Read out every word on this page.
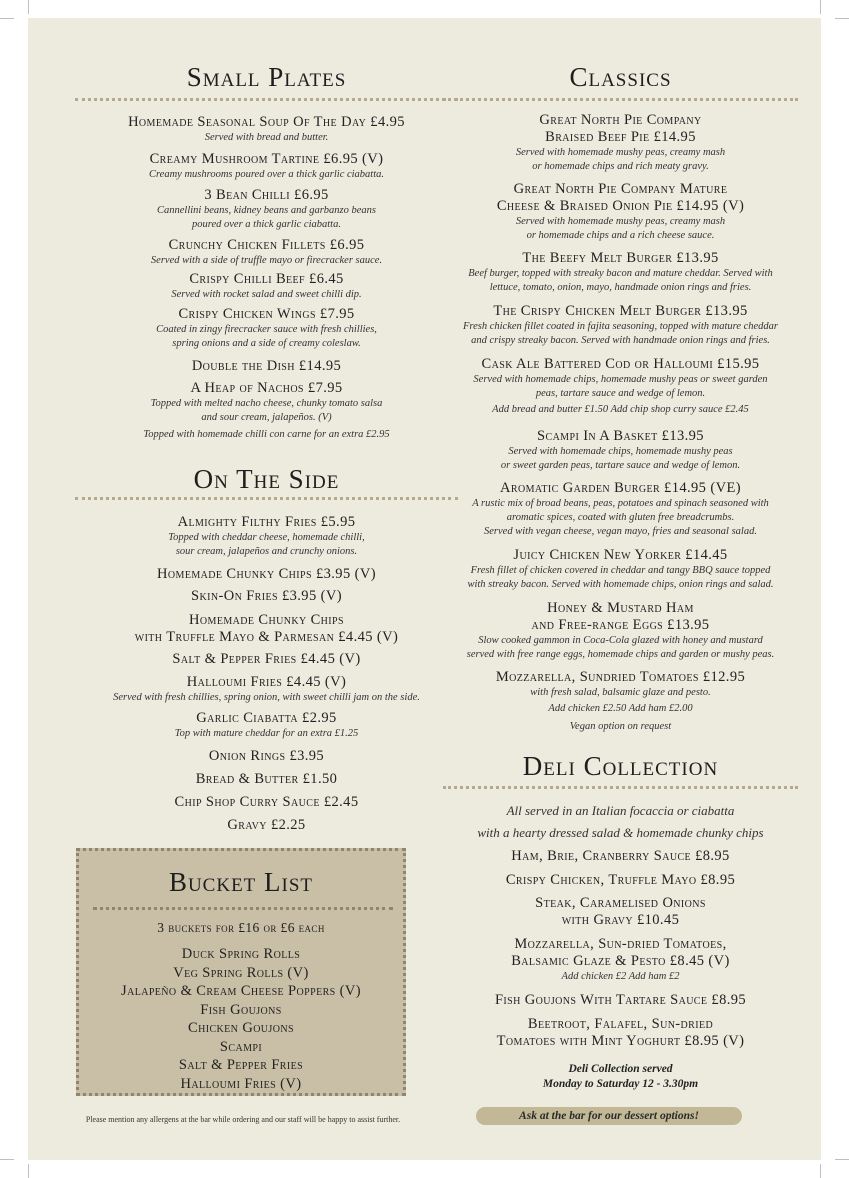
Small Plates
Homemade Seasonal Soup Of The Day £4.95
Served with bread and butter.
Creamy Mushroom Tartine £6.95 (V)
Creamy mushrooms poured over a thick garlic ciabatta.
3 Bean Chilli £6.95
Cannellini beans, kidney beans and garbanzo beans
poured over a thick garlic ciabatta.
Crunchy Chicken Fillets £6.95
Served with a side of truffle mayo or firecracker sauce.
Crispy Chilli Beef £6.45
Served with rocket salad and sweet chilli dip.
Crispy Chicken Wings £7.95
Coated in zingy firecracker sauce with fresh chillies,
spring onions and a side of creamy coleslaw.
Double the Dish £14.95
A Heap of Nachos £7.95
Topped with melted nacho cheese, chunky tomato salsa
and sour cream, jalapeños. (V)
Topped with homemade chilli con carne for an extra £2.95
On The Side
Almighty Filthy Fries £5.95
Topped with cheddar cheese, homemade chilli,
sour cream, jalapeños and crunchy onions.
Homemade Chunky Chips £3.95 (V)
Skin-On Fries £3.95 (V)
Homemade Chunky Chips
with Truffle Mayo & Parmesan £4.45 (V)
Salt & Pepper Fries £4.45 (V)
Halloumi Fries £4.45 (V)
Served with fresh chillies, spring onion, with sweet chilli jam on the side.
Garlic Ciabatta £2.95
Top with mature cheddar for an extra £1.25
Onion Rings £3.95
Bread & Butter £1.50
Chip Shop Curry Sauce £2.45
Gravy £2.25
Bucket List
3 buckets for £16 or £6 each
Duck Spring Rolls
Veg Spring Rolls (V)
Jalapeño & Cream Cheese Poppers (V)
Fish Goujons
Chicken Goujons
Scampi
Salt & Pepper Fries
Halloumi Fries (V)
Please mention any allergens at the bar while ordering and our staff will be happy to assist further.
Classics
Great North Pie Company
Braised Beef Pie £14.95
Served with homemade mushy peas, creamy mash
or homemade chips and rich meaty gravy.
Great North Pie Company Mature
Cheese & Braised Onion Pie £14.95 (V)
Served with homemade mushy peas, creamy mash
or homemade chips and a rich cheese sauce.
The Beefy Melt Burger £13.95
Beef burger, topped with streaky bacon and mature cheddar. Served with
lettuce, tomato, onion, mayo, handmade onion rings and fries.
The Crispy Chicken Melt Burger £13.95
Fresh chicken fillet coated in fajita seasoning, topped with mature cheddar
and crispy streaky bacon. Served with handmade onion rings and fries.
Cask Ale Battered Cod or Halloumi £15.95
Served with homemade chips, homemade mushy peas or sweet garden
peas, tartare sauce and wedge of lemon.
Add bread and butter £1.50 Add chip shop curry sauce £2.45
Scampi In A Basket £13.95
Served with homemade chips, homemade mushy peas
or sweet garden peas, tartare sauce and wedge of lemon.
Aromatic Garden Burger £14.95 (VE)
A rustic mix of broad beans, peas, potatoes and spinach seasoned with
aromatic spices, coated with gluten free breadcrumbs.
Served with vegan cheese, vegan mayo, fries and seasonal salad.
Juicy Chicken New Yorker £14.45
Fresh fillet of chicken covered in cheddar and tangy BBQ sauce topped
with streaky bacon. Served with homemade chips, onion rings and salad.
Honey & Mustard Ham
and Free-range Eggs £13.95
Slow cooked gammon in Coca-Cola glazed with honey and mustard
served with free range eggs, homemade chips and garden or mushy peas.
Mozzarella, Sundried Tomatoes £12.95
with fresh salad, balsamic glaze and pesto.
Add chicken £2.50 Add ham £2.00
Vegan option on request
Deli Collection
All served in an Italian focaccia or ciabatta
with a hearty dressed salad & homemade chunky chips
Ham, Brie, Cranberry Sauce £8.95
Crispy Chicken, Truffle Mayo £8.95
Steak, Caramelised Onions
with Gravy £10.45
Mozzarella, Sun-dried Tomatoes,
Balsamic Glaze & Pesto £8.45 (V)
Add chicken £2 Add ham £2
Fish Goujons With Tartare Sauce £8.95
Beetroot, Falafel, Sun-dried
Tomatoes with Mint Yoghurt £8.95 (V)
Deli Collection served
Monday to Saturday 12 - 3.30pm
Ask at the bar for our dessert options!
